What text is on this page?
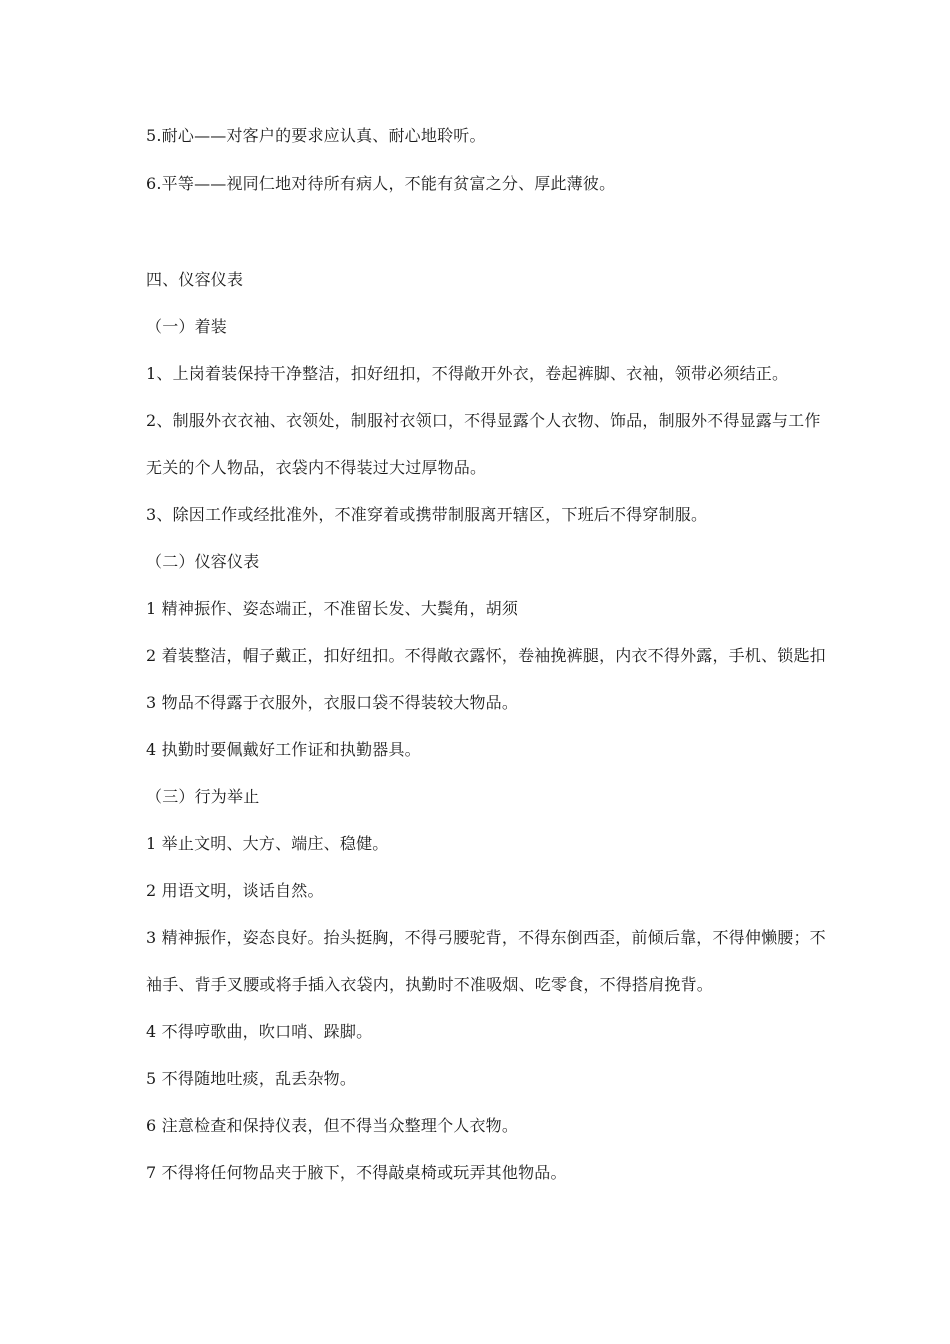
5.耐心——对客户的要求应认真、耐心地聆听。
6.平等——视同仁地对待所有病人，不能有贫富之分、厚此薄彼。
四、仪容仪表
（一）着装
1、上岗着装保持干净整洁，扣好纽扣，不得敞开外衣，卷起裤脚、衣袖，领带必须结正。
2、制服外衣衣袖、衣领处，制服衬衣领口，不得显露个人衣物、饰品，制服外不得显露与工作
无关的个人物品，衣袋内不得装过大过厚物品。
3、除因工作或经批准外，不准穿着或携带制服离开辖区，下班后不得穿制服。
（二）仪容仪表
1 精神振作、姿态端正，不准留长发、大鬓角，胡须
2 着装整洁，帽子戴正，扣好纽扣。不得敞衣露怀，卷袖挽裤腿，内衣不得外露，手机、锁匙扣
3 物品不得露于衣服外，衣服口袋不得装较大物品。
4 执勤时要佩戴好工作证和执勤器具。
（三）行为举止
1 举止文明、大方、端庄、稳健。
2 用语文明，谈话自然。
3 精神振作，姿态良好。抬头挺胸，不得弓腰驼背，不得东倒西歪，前倾后靠，不得伸懒腰；不
袖手、背手叉腰或将手插入衣袋内，执勤时不准吸烟、吃零食，不得搭肩挽背。
4 不得哼歌曲，吹口哨、跺脚。
5 不得随地吐痰，乱丢杂物。
6 注意检查和保持仪表，但不得当众整理个人衣物。
7 不得将任何物品夹于腋下，不得敲桌椅或玩弄其他物品。
